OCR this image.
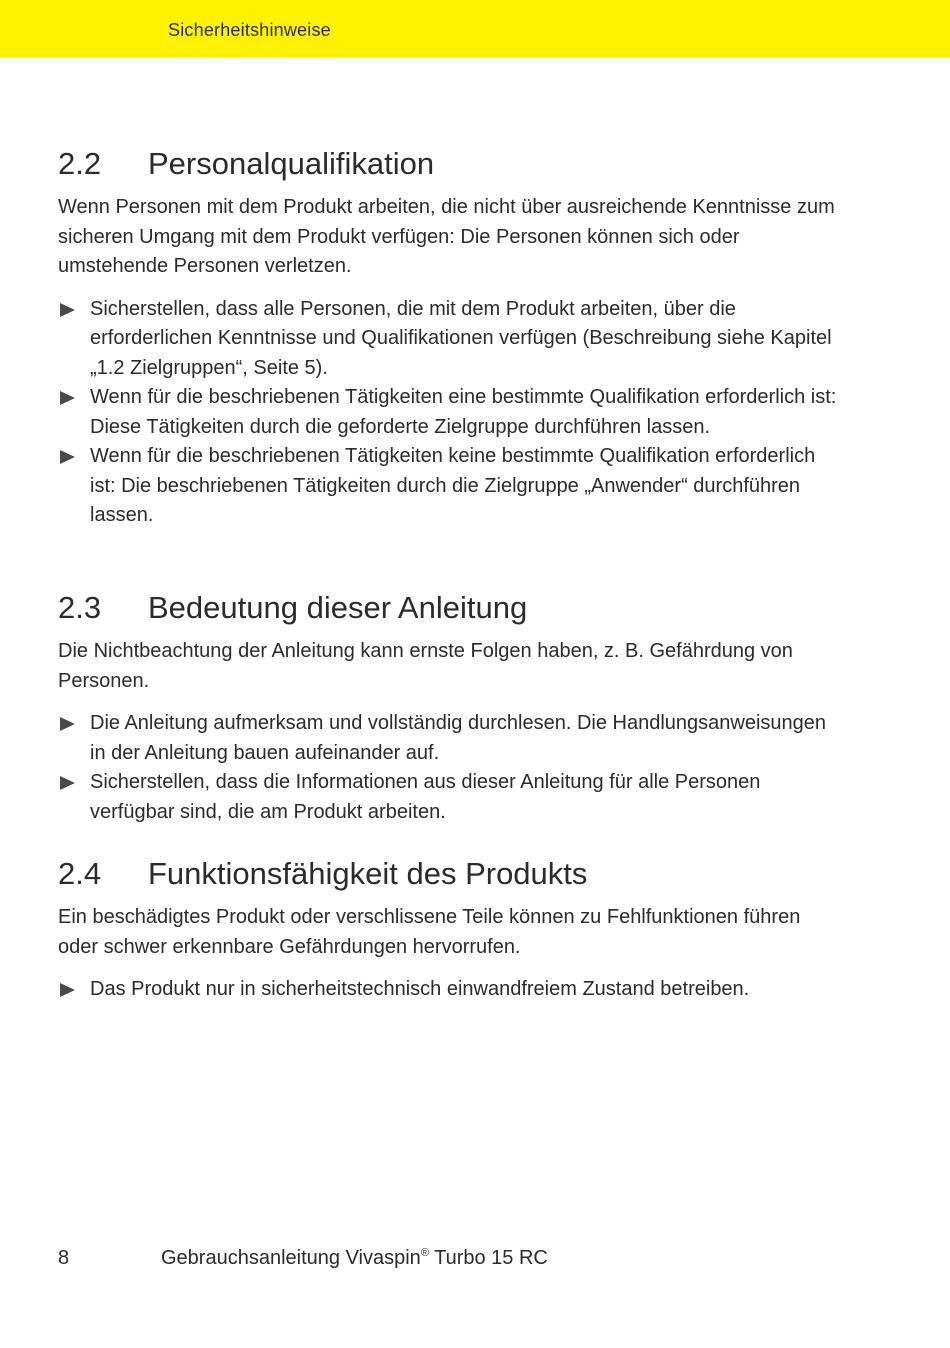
Sicherheitshinweise
2.2	Personalqualifikation

Wenn Personen mit dem Produkt arbeiten, die nicht über ausreichende Kenntnisse zum sicheren Umgang mit dem Produkt verfügen: Die Personen können sich oder umstehende Personen verletzen.

Sicherstellen, dass alle Personen, die mit dem Produkt arbeiten, über die erforderlichen Kenntnisse und Qualifikationen verfügen (Beschreibung siehe Kapitel „1.2 Zielgruppen“, Seite 5).
Wenn für die beschriebenen Tätigkeiten eine bestimmte Qualifikation erforderlich ist: Diese Tätigkeiten durch die geforderte Zielgruppe durchführen lassen.
Wenn für die beschriebenen Tätigkeiten keine bestimmte Qualifikation erforderlich ist: Die beschriebenen Tätigkeiten durch die Zielgruppe „Anwender“ durchführen lassen.
2.3	Bedeutung dieser Anleitung

Die Nichtbeachtung der Anleitung kann ernste Folgen haben, z. B. Gefährdung von Personen.

Die Anleitung aufmerksam und vollständig durchlesen. Die Handlungsanweisungen in der Anleitung bauen aufeinander auf.
Sicherstellen, dass die Informationen aus dieser Anleitung für alle Personen verfügbar sind, die am Produkt arbeiten.
2.4	Funktionsfähigkeit des Produkts

Ein beschädigtes Produkt oder verschlissene Teile können zu Fehlfunktionen führen oder schwer erkennbare Gefährdungen hervorrufen.

Das Produkt nur in sicherheitstechnisch einwandfreiem Zustand betreiben.
8	Gebrauchsanleitung Vivaspin® Turbo 15 RC
